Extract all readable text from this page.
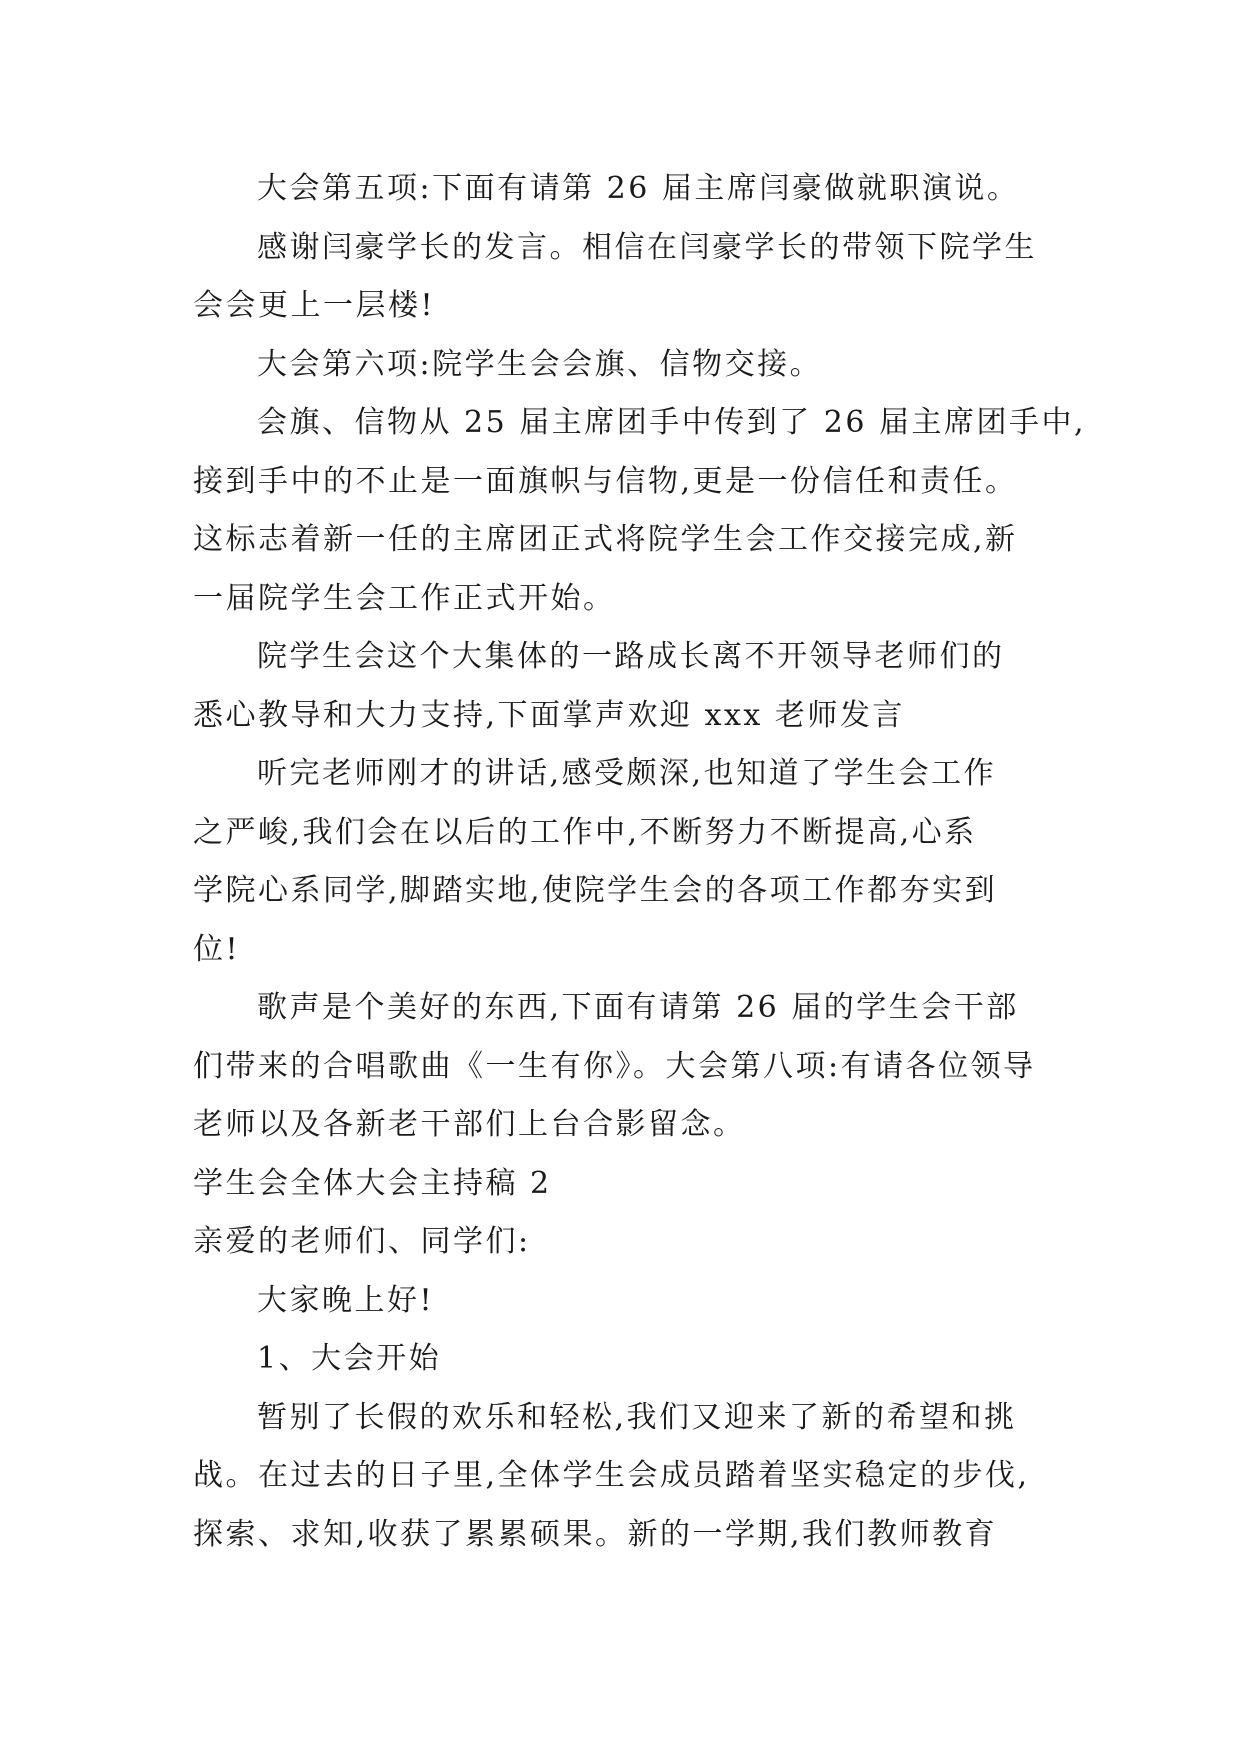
大会第五项:下面有请第 26 届主席闫豪做就职演说。
感谢闫豪学长的发言。相信在闫豪学长的带领下院学生
会会更上一层楼!
大会第六项:院学生会会旗、信物交接。
会旗、信物从 25 届主席团手中传到了 26 届主席团手中,
接到手中的不止是一面旗帜与信物,更是一份信任和责任。
这标志着新一任的主席团正式将院学生会工作交接完成,新
一届院学生会工作正式开始。
院学生会这个大集体的一路成长离不开领导老师们的
悉心教导和大力支持,下面掌声欢迎 xxx 老师发言
听完老师刚才的讲话,感受颇深,也知道了学生会工作
之严峻,我们会在以后的工作中,不断努力不断提高,心系
学院心系同学,脚踏实地,使院学生会的各项工作都夯实到
位!
歌声是个美好的东西,下面有请第 26 届的学生会干部
们带来的合唱歌曲《一生有你》。大会第八项:有请各位领导
老师以及各新老干部们上台合影留念。
学生会全体大会主持稿 2
亲爱的老师们、同学们:
大家晚上好!
1、大会开始
暂别了长假的欢乐和轻松,我们又迎来了新的希望和挑
战。在过去的日子里,全体学生会成员踏着坚实稳定的步伐,
探索、求知,收获了累累硕果。新的一学期,我们教师教育
